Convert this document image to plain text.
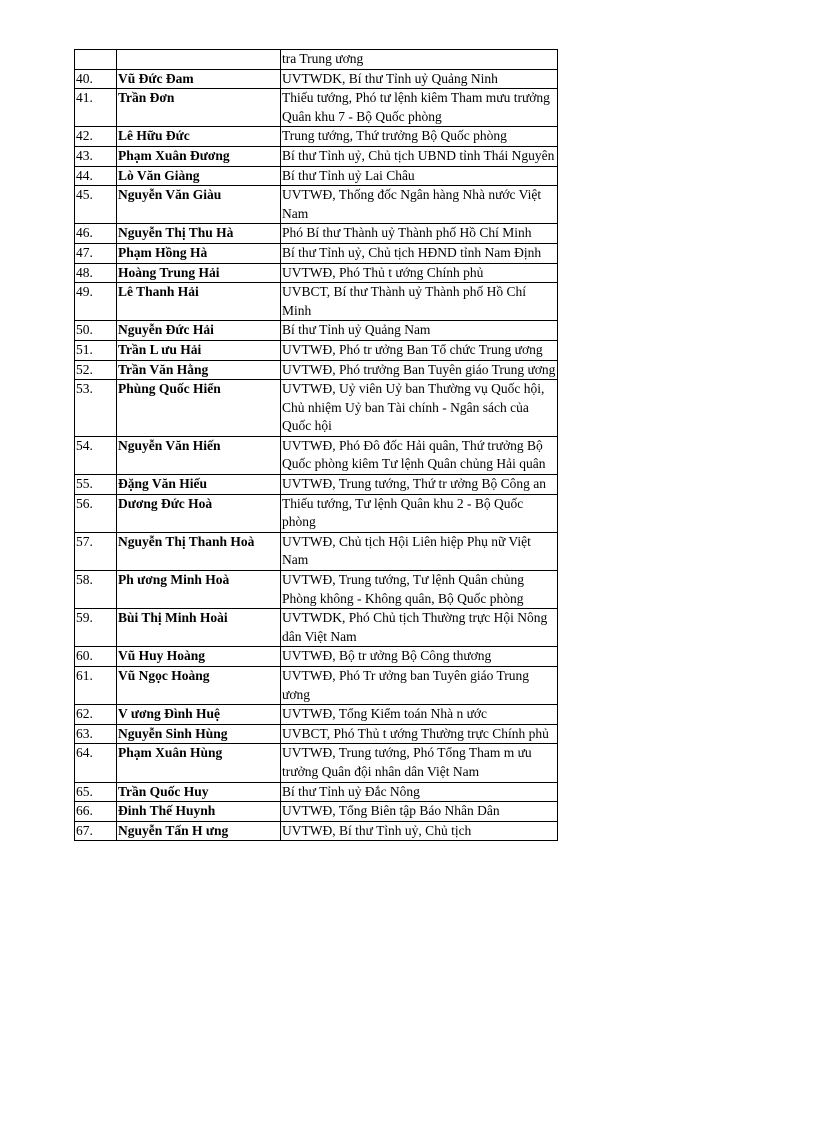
		tra Trung ương
40.	Vũ Đức Đam	UVTWDK, Bí thư Tỉnh uỷ Quảng Ninh
41.	Trần Đơn	Thiếu tướng, Phó tư lệnh kiêm Tham mưu trưởng Quân khu 7 - Bộ Quốc phòng
42.	Lê Hữu Đức	Trung tướng, Thứ trưởng Bộ Quốc phòng
43.	Phạm Xuân Đương	Bí thư Tỉnh uỷ, Chủ tịch UBND tỉnh Thái Nguyên
44.	Lò Văn Giàng	Bí thư Tỉnh uỷ Lai Châu
45.	Nguyễn Văn Giàu	UVTWĐ, Thống đốc Ngân hàng Nhà nước Việt Nam
46.	Nguyễn Thị Thu Hà	Phó Bí thư Thành uỷ Thành phố Hồ Chí Minh
47.	Phạm Hồng Hà	Bí thư Tỉnh uỷ, Chủ tịch HĐND tỉnh Nam Định
48.	Hoàng Trung Hải	UVTWĐ, Phó Thủ t ướng Chính phủ
49.	Lê Thanh Hải	UVBCT, Bí thư Thành uỷ Thành phố Hồ Chí Minh
50.	Nguyễn Đức Hải	Bí thư Tỉnh uỷ Quảng Nam
51.	Trần L ưu Hải	UVTWĐ, Phó tr ưởng Ban Tổ chức Trung ương
52.	Trần Văn Hằng	UVTWĐ, Phó trưởng Ban Tuyên giáo Trung ương
53.	Phùng Quốc Hiển	UVTWĐ, Uỷ viên Uỷ ban Thường vụ Quốc hội, Chủ nhiệm Uỷ ban Tài chính - Ngân sách của Quốc hội
54.	Nguyễn Văn Hiến	UVTWĐ, Phó Đô đốc Hải quân, Thứ trưởng Bộ Quốc phòng kiêm Tư lệnh Quân chủng Hải quân
55.	Đặng Văn Hiếu	UVTWĐ, Trung tướng, Thứ tr ưởng Bộ Công an
56.	Dương Đức Hoà	Thiếu tướng, Tư lệnh Quân khu 2 - Bộ Quốc phòng
57.	Nguyễn Thị Thanh Hoà	UVTWĐ, Chủ tịch Hội Liên hiệp Phụ nữ Việt Nam
58.	Ph ương Minh Hoà	UVTWĐ, Trung tướng, Tư lệnh Quân chủng Phòng không - Không quân, Bộ Quốc phòng
59.	Bùi Thị Minh Hoài	UVTWDK, Phó Chủ tịch Thường trực Hội Nông dân Việt Nam
60.	Vũ Huy Hoàng	UVTWĐ, Bộ tr ưởng Bộ Công thương
61.	Vũ Ngọc Hoàng	UVTWĐ, Phó Tr ưởng ban Tuyên giáo Trung ương
62.	V ương Đình Huệ	UVTWĐ, Tổng Kiểm toán Nhà n ước
63.	Nguyễn Sinh Hùng	UVBCT, Phó Thủ t ướng Thường trực Chính phủ
64.	Phạm Xuân Hùng	UVTWĐ, Trung tướng, Phó Tổng Tham m ưu trưởng Quân đội nhân dân Việt Nam
65.	Trần Quốc Huy	Bí thư Tỉnh uỷ Đắc Nông
66.	Đinh Thế Huynh	UVTWĐ, Tổng Biên tập Báo Nhân Dân
67.	Nguyễn Tấn H ưng	UVTWĐ, Bí thư Tỉnh uỷ, Chủ tịch
